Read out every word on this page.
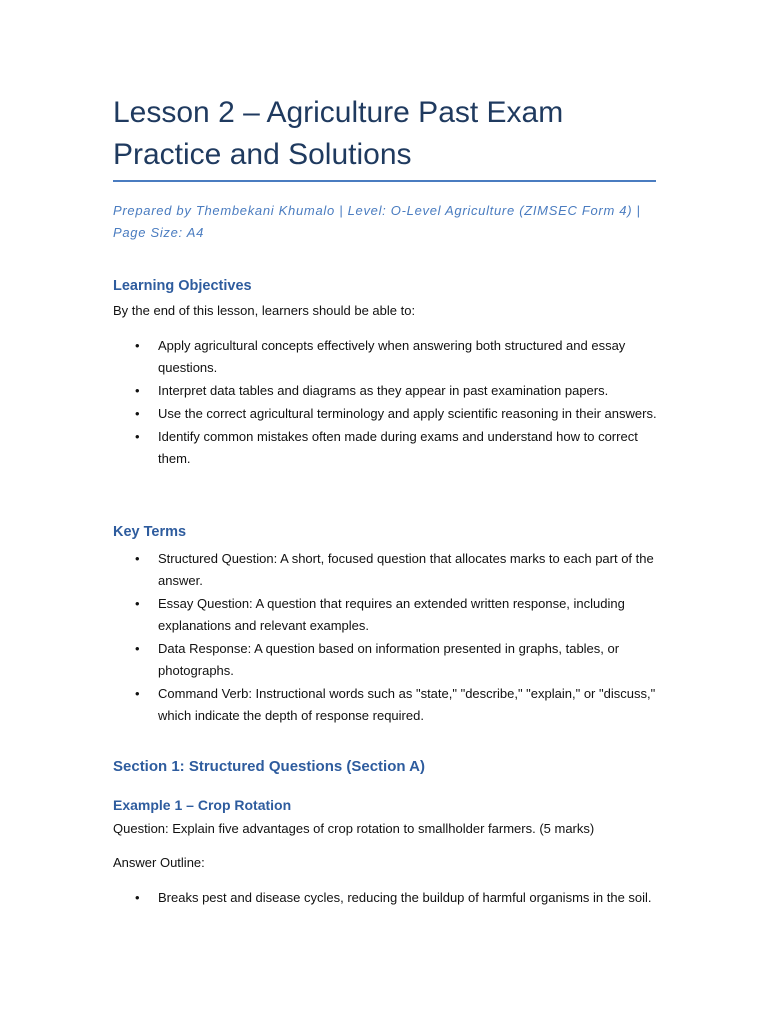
Lesson 2 – Agriculture Past Exam Practice and Solutions
Prepared by Thembekani Khumalo | Level: O-Level Agriculture (ZIMSEC Form 4) | Page Size: A4
Learning Objectives
By the end of this lesson, learners should be able to:
• Apply agricultural concepts effectively when answering both structured and essay questions.
• Interpret data tables and diagrams as they appear in past examination papers.
• Use the correct agricultural terminology and apply scientific reasoning in their answers.
• Identify common mistakes often made during exams and understand how to correct them.
Key Terms
• Structured Question: A short, focused question that allocates marks to each part of the answer.
• Essay Question: A question that requires an extended written response, including explanations and relevant examples.
• Data Response: A question based on information presented in graphs, tables, or photographs.
• Command Verb: Instructional words such as "state," "describe," "explain," or "discuss," which indicate the depth of response required.
Section 1: Structured Questions (Section A)
Example 1 – Crop Rotation
Question: Explain five advantages of crop rotation to smallholder farmers. (5 marks)
Answer Outline:
• Breaks pest and disease cycles, reducing the buildup of harmful organisms in the soil.
